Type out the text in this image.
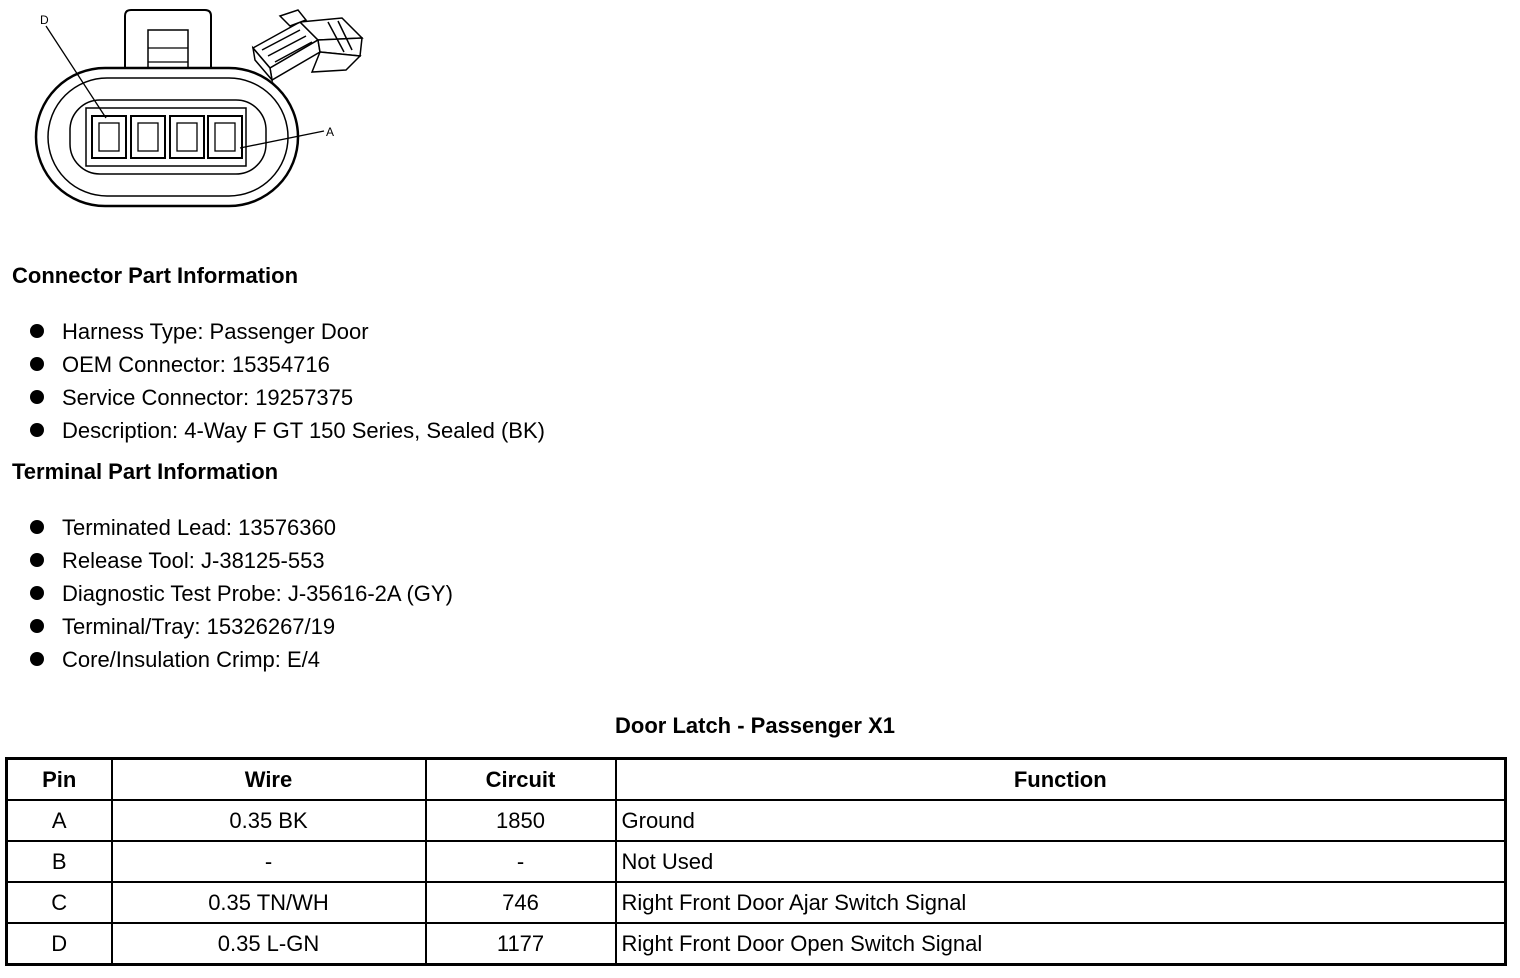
D
A
Connector Part Information
Harness Type: Passenger Door
OEM Connector: 15354716
Service Connector: 19257375
Description: 4-Way F GT 150 Series, Sealed (BK)
Terminal Part Information
Terminated Lead: 13576360
Release Tool: J-38125-553
Diagnostic Test Probe: J-35616-2A (GY)
Terminal/Tray: 15326267/19
Core/Insulation Crimp: E/4
Door Latch - Passenger X1
Pin	Wire	Circuit	Function
A	0.35 BK	1850	Ground
B	-	-	Not Used
C	0.35 TN/WH	746	Right Front Door Ajar Switch Signal
D	0.35 L-GN	1177	Right Front Door Open Switch Signal
